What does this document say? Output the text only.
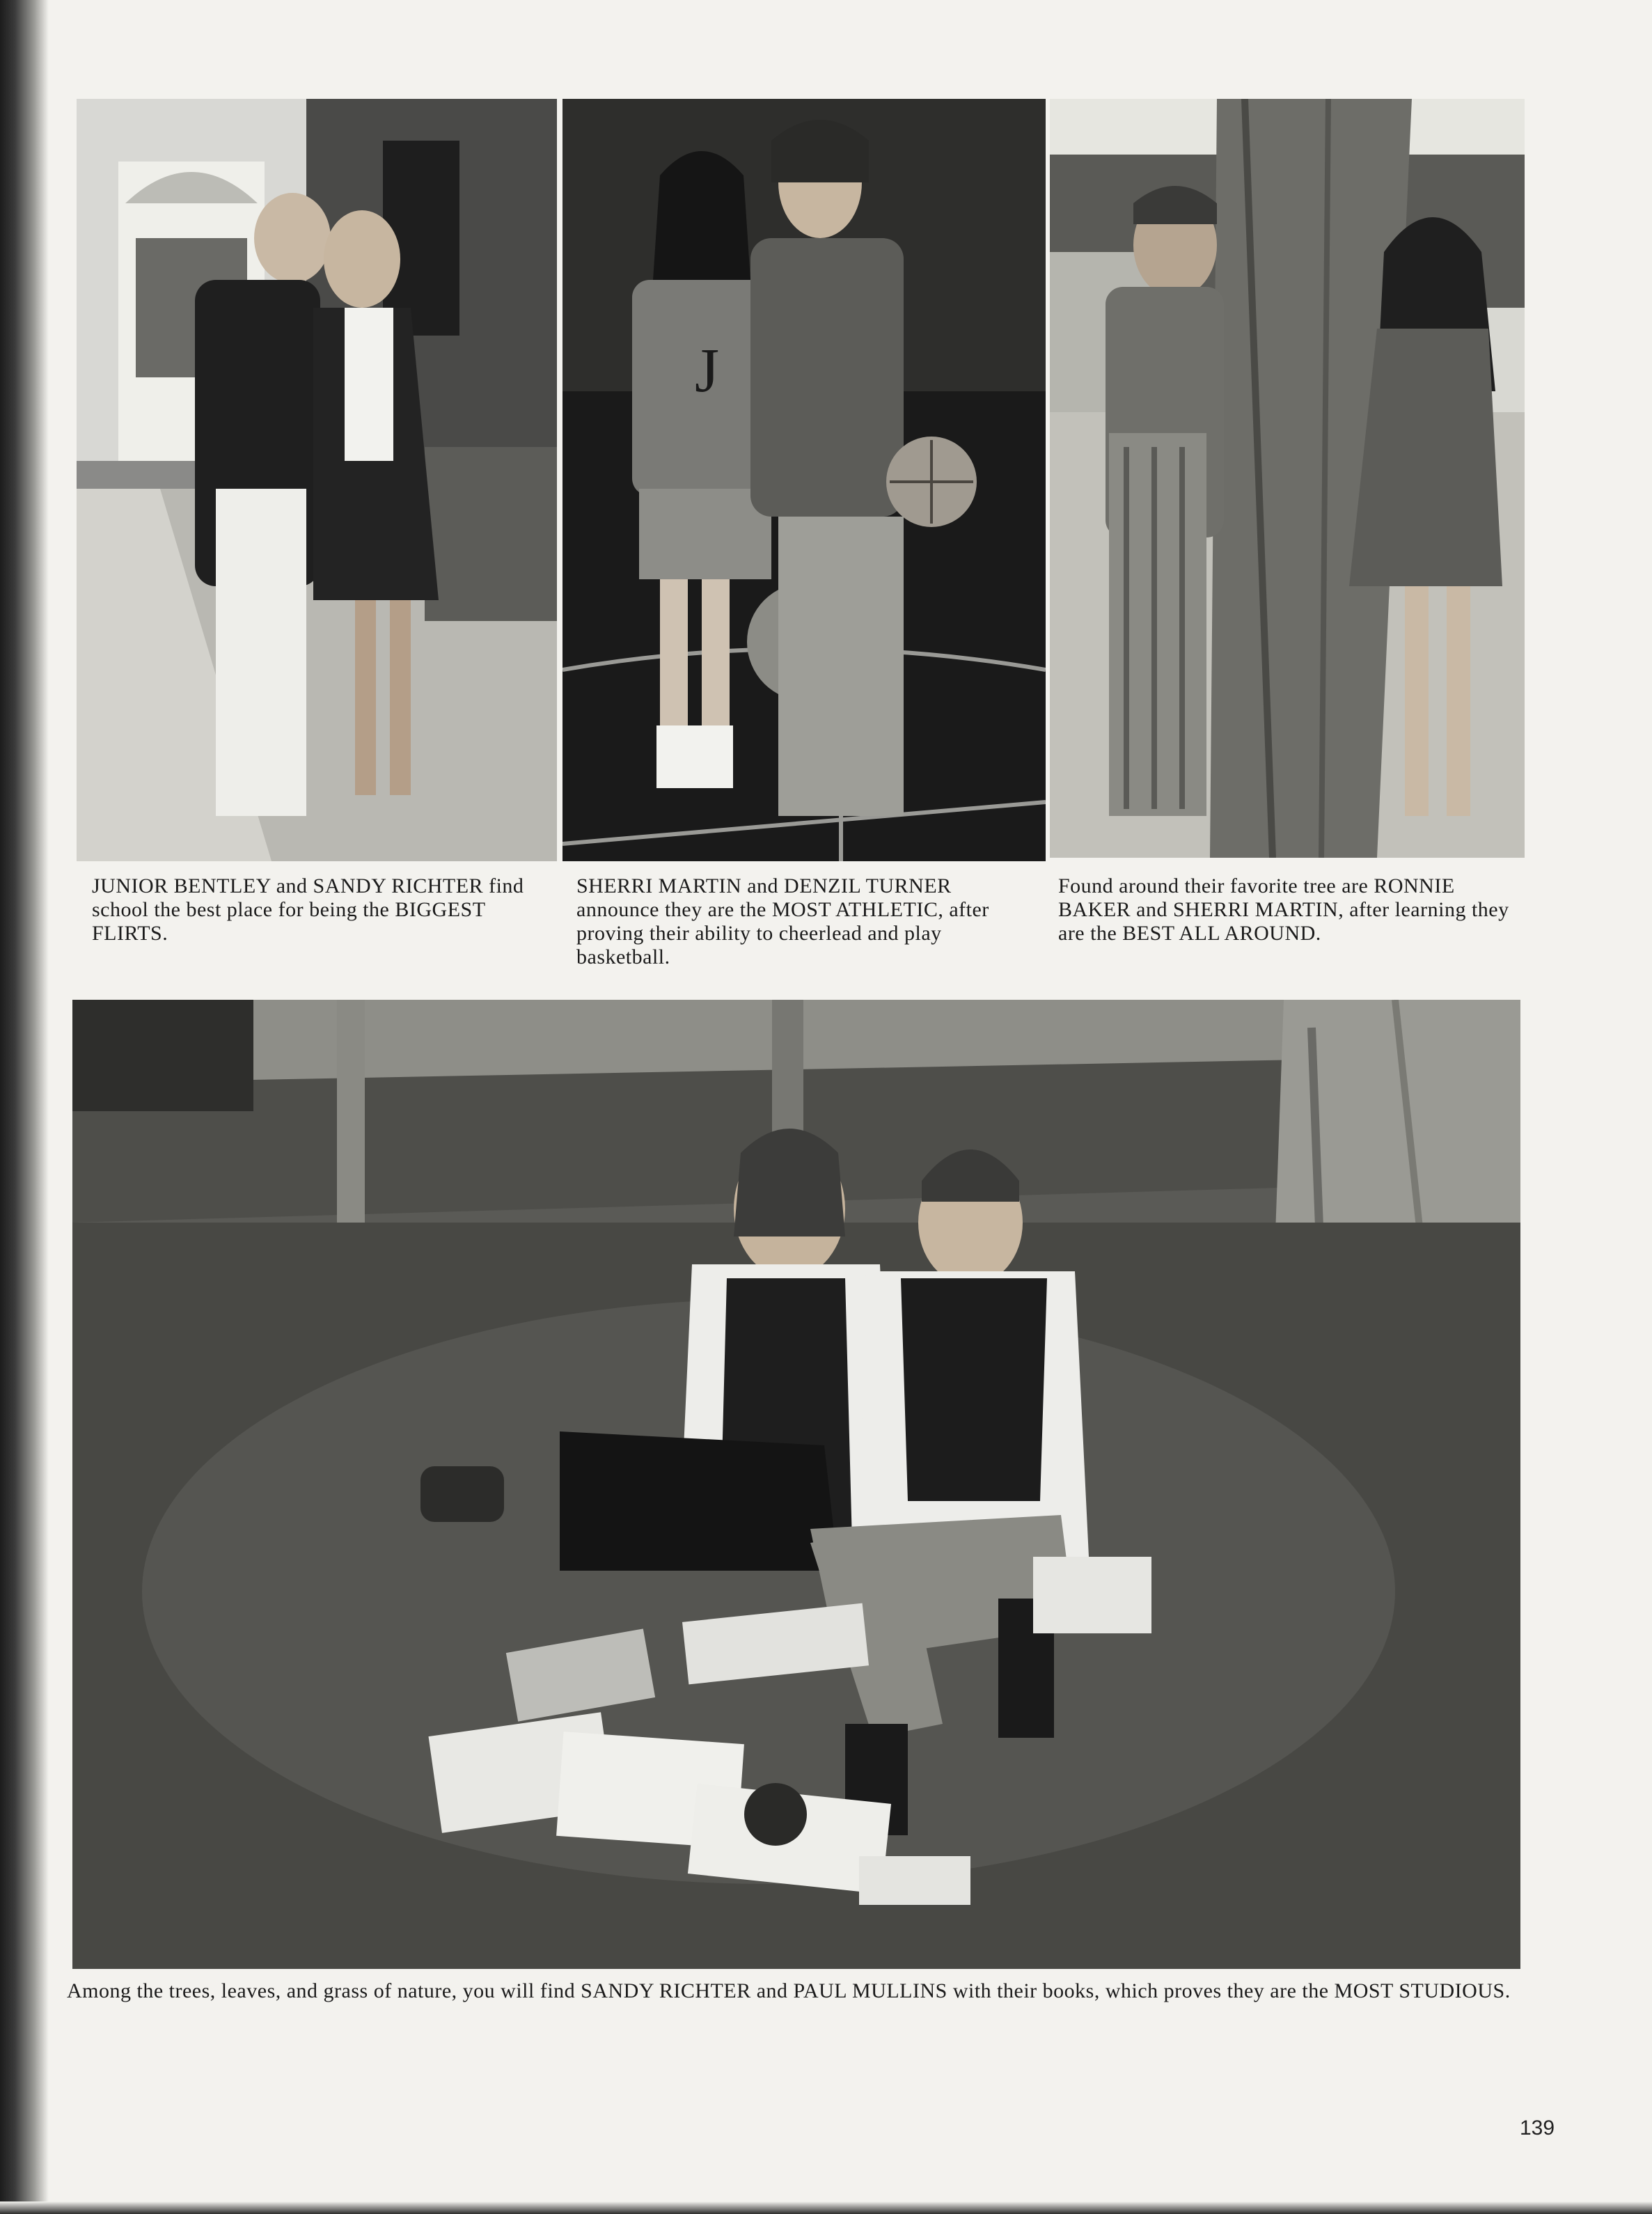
J

JUNIOR BENTLEY and SANDY RICHTER find school the best place for being the BIGGEST FLIRTS.

SHERRI MARTIN and DENZIL TURNER announce they are the MOST ATHLETIC, after proving their ability to cheerlead and play basketball.

Found around their favorite tree are RONNIE BAKER and SHERRI MARTIN, after learning they are the BEST ALL AROUND.

Among the trees, leaves, and grass of nature, you will find SANDY RICHTER and PAUL MULLINS with their books, which proves they are the MOST STUDIOUS.

139
